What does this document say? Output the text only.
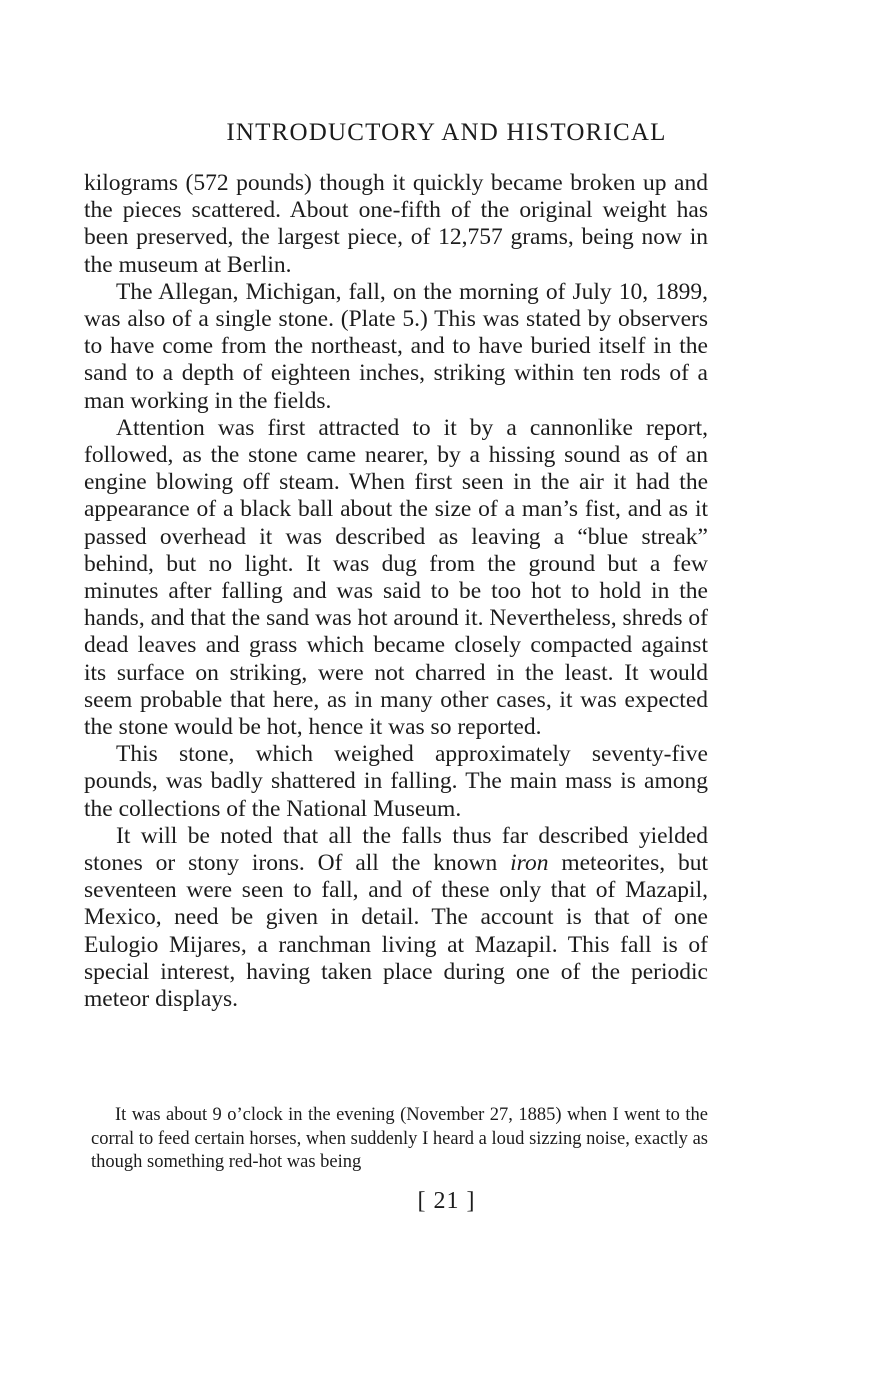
INTRODUCTORY AND HISTORICAL

kilograms (572 pounds) though it quickly became broken up and the pieces scattered. About one-fifth of the original weight has been preserved, the largest piece, of 12,757 grams, being now in the museum at Berlin.

The Allegan, Michigan, fall, on the morning of July 10, 1899, was also of a single stone. (Plate 5.) This was stated by observers to have come from the northeast, and to have buried itself in the sand to a depth of eighteen inches, striking within ten rods of a man working in the fields.

Attention was first attracted to it by a cannonlike report, followed, as the stone came nearer, by a hissing sound as of an engine blowing off steam. When first seen in the air it had the appearance of a black ball about the size of a man’s fist, and as it passed overhead it was described as leaving a “blue streak” behind, but no light. It was dug from the ground but a few minutes after falling and was said to be too hot to hold in the hands, and that the sand was hot around it. Nevertheless, shreds of dead leaves and grass which became closely compacted against its surface on striking, were not charred in the least. It would seem probable that here, as in many other cases, it was expected the stone would be hot, hence it was so reported.

This stone, which weighed approximately seventy-five pounds, was badly shattered in falling. The main mass is among the collections of the National Museum.

It will be noted that all the falls thus far described yielded stones or stony irons. Of all the known iron meteorites, but seventeen were seen to fall, and of these only that of Mazapil, Mexico, need be given in detail. The account is that of one Eulogio Mijares, a ranchman living at Mazapil. This fall is of special interest, having taken place during one of the periodic meteor displays.

It was about 9 o’clock in the evening (November 27, 1885) when I went to the corral to feed certain horses, when suddenly I heard a loud sizzing noise, exactly as though something red-hot was being

[ 21 ]
